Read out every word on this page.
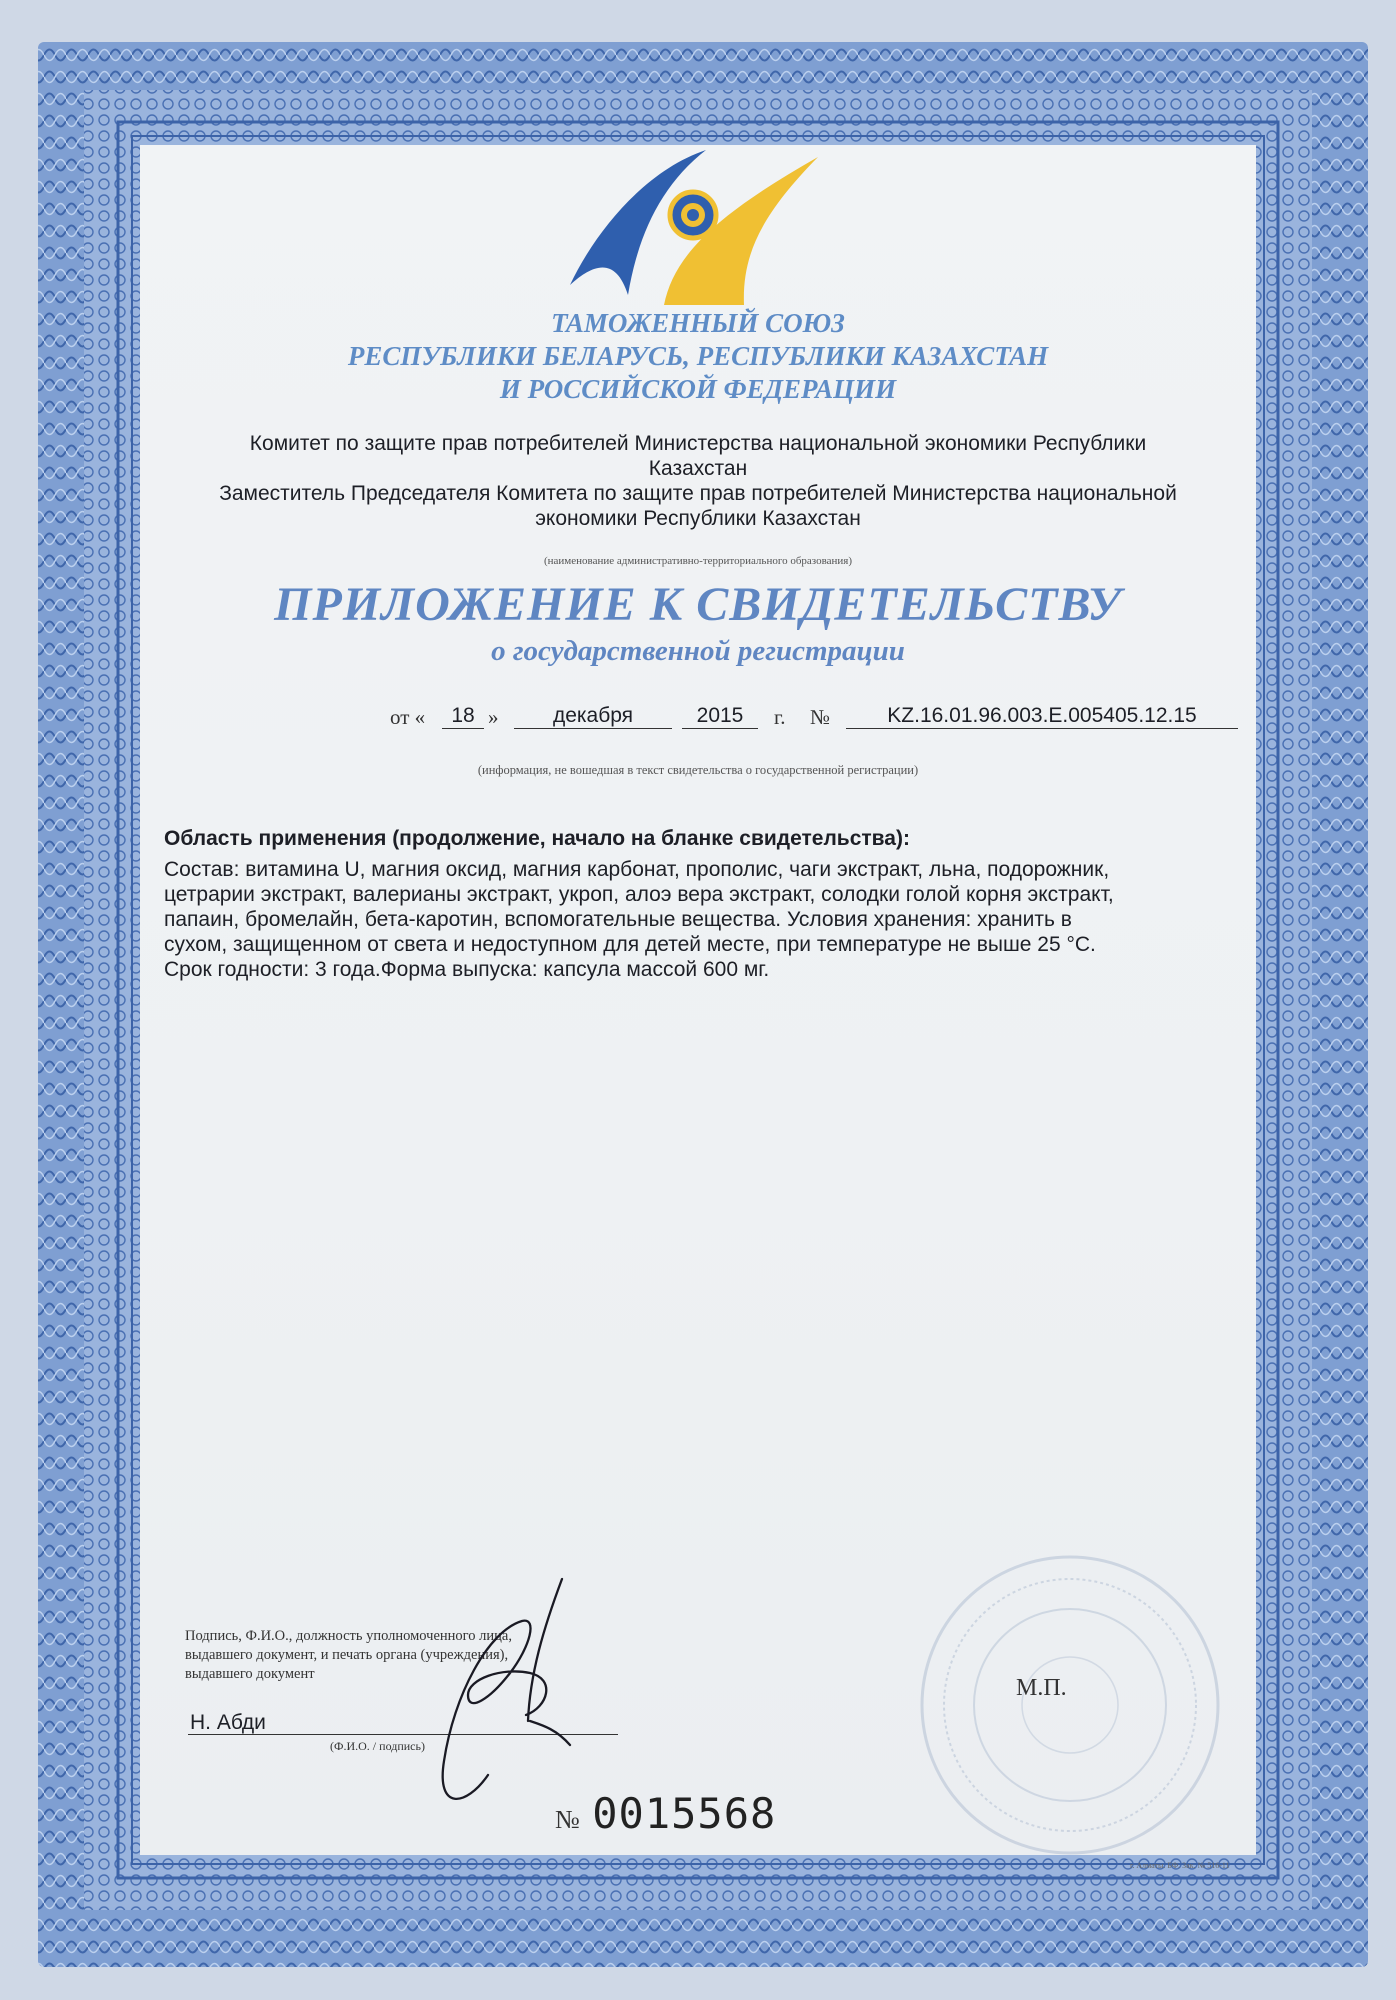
ТАМОЖЕННЫЙ СОЮЗ
РЕСПУБЛИКИ БЕЛАРУСЬ, РЕСПУБЛИКИ КАЗАХСТАН
И РОССИЙСКОЙ ФЕДЕРАЦИИ
Комитет по защите прав потребителей Министерства национальной экономики Республики
Казахстан
Заместитель Председателя Комитета по защите прав потребителей Министерства национальной
экономики Республики Казахстан
(наименование административно-территориального образования)
ПРИЛОЖЕНИЕ К СВИДЕТЕЛЬСТВУ
о государственной регистрации
от «	18 »	декабря	2015	г. №	KZ.16.01.96.003.E.005405.12.15
(информация, не вошедшая в текст свидетельства о государственной регистрации)
Область применения (продолжение, начало на бланке свидетельства):
Состав: витамина U, магния оксид, магния карбонат, прополис, чаги экстракт, льна, подорожник,
цетрарии экстракт, валерианы экстракт, укроп, алоэ вера экстракт, солодки голой корня экстракт,
папаин, бромелайн, бета-каротин, вспомогательные вещества. Условия хранения: хранить в
сухом, защищенном от света и недоступном для детей месте, при температуре не выше 25 °С.
Срок годности: 3 года.Форма выпуска: капсула массой 600 мг.
Подпись, Ф.И.О., должность уполномоченного лица,
выдавшего документ, и печать органа (учреждения),
выдавшего документ
Н. Абди
(Ф.И.О. / подпись)
М.П.
№ 0015568
г. Алматы. БФ. Зак. № 516-11
